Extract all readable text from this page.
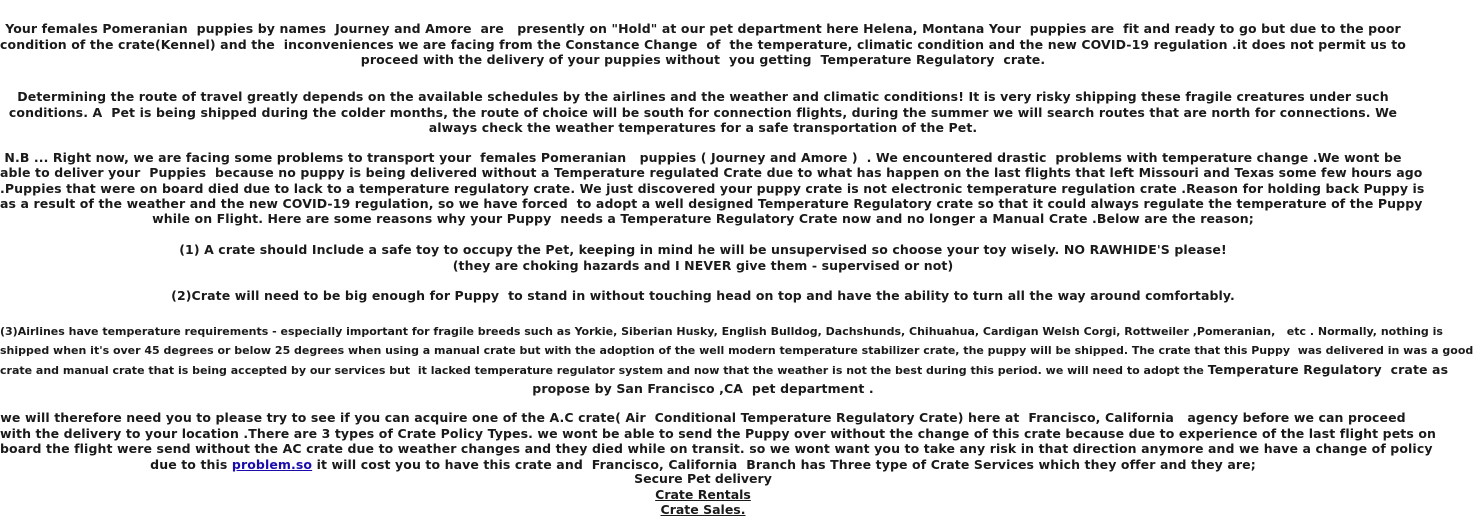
Your females Pomeranian  puppies by names  Journey and Amore  are   presently on "Hold" at our pet department here Helena, Montana Your  puppies are  fit and ready to go but due to the poor
condition of the crate(Kennel) and the  inconveniences we are facing from the Constance Change  of  the temperature, climatic condition and the new COVID-19 regulation .it does not permit us to
proceed with the delivery of your puppies without  you getting  Temperature Regulatory  crate.

Determining the route of travel greatly depends on the available schedules by the airlines and the weather and climatic conditions! It is very risky shipping these fragile creatures under such
conditions. A  Pet is being shipped during the colder months, the route of choice will be south for connection flights, during the summer we will search routes that are north for connections. We
always check the weather temperatures for a safe transportation of the Pet.

N.B ... Right now, we are facing some problems to transport your  females Pomeranian   puppies ( Journey and Amore )  . We encountered drastic  problems with temperature change .We wont be
able to deliver your  Puppies  because no puppy is being delivered without a Temperature regulated Crate due to what has happen on the last flights that left Missouri and Texas some few hours ago
.Puppies that were on board died due to lack to a temperature regulatory crate. We just discovered your puppy crate is not electronic temperature regulation crate .Reason for holding back Puppy is
as a result of the weather and the new COVID-19 regulation, so we have forced  to adopt a well designed Temperature Regulatory crate so that it could always regulate the temperature of the Puppy
while on Flight. Here are some reasons why your Puppy  needs a Temperature Regulatory Crate now and no longer a Manual Crate .Below are the reason;

(1) A crate should Include a safe toy to occupy the Pet, keeping in mind he will be unsupervised so choose your toy wisely. NO RAWHIDE'S please!
(they are choking hazards and I NEVER give them - supervised or not)

(2)Crate will need to be big enough for Puppy  to stand in without touching head on top and have the ability to turn all the way around comfortably.

(3)Airlines have temperature requirements - especially important for fragile breeds such as Yorkie, Siberian Husky, English Bulldog, Dachshunds, Chihuahua, Cardigan Welsh Corgi, Rottweiler ,Pomeranian,   etc . Normally, nothing is
shipped when it's over 45 degrees or below 25 degrees when using a manual crate but with the adoption of the well modern temperature stabilizer crate, the puppy will be shipped. The crate that this Puppy  was delivered in was a good
crate and manual crate that is being accepted by our services but  it lacked temperature regulator system and now that the weather is not the best during this period. we will need to adopt the Temperature Regulatory  crate as
propose by San Francisco ,CA  pet department .

we will therefore need you to please try to see if you can acquire one of the A.C crate( Air  Conditional Temperature Regulatory Crate) here at  Francisco, California   agency before we can proceed
with the delivery to your location .There are 3 types of Crate Policy Types. we wont be able to send the Puppy over without the change of this crate because due to experience of the last flight pets on
board the flight were send without the AC crate due to weather changes and they died while on transit. so we wont want you to take any risk in that direction anymore and we have a change of policy
due to this problem.so it will cost you to have this crate and  Francisco, California  Branch has Three type of Crate Services which they offer and they are;

Secure Pet delivery
Crate Rentals
Crate Sales.
